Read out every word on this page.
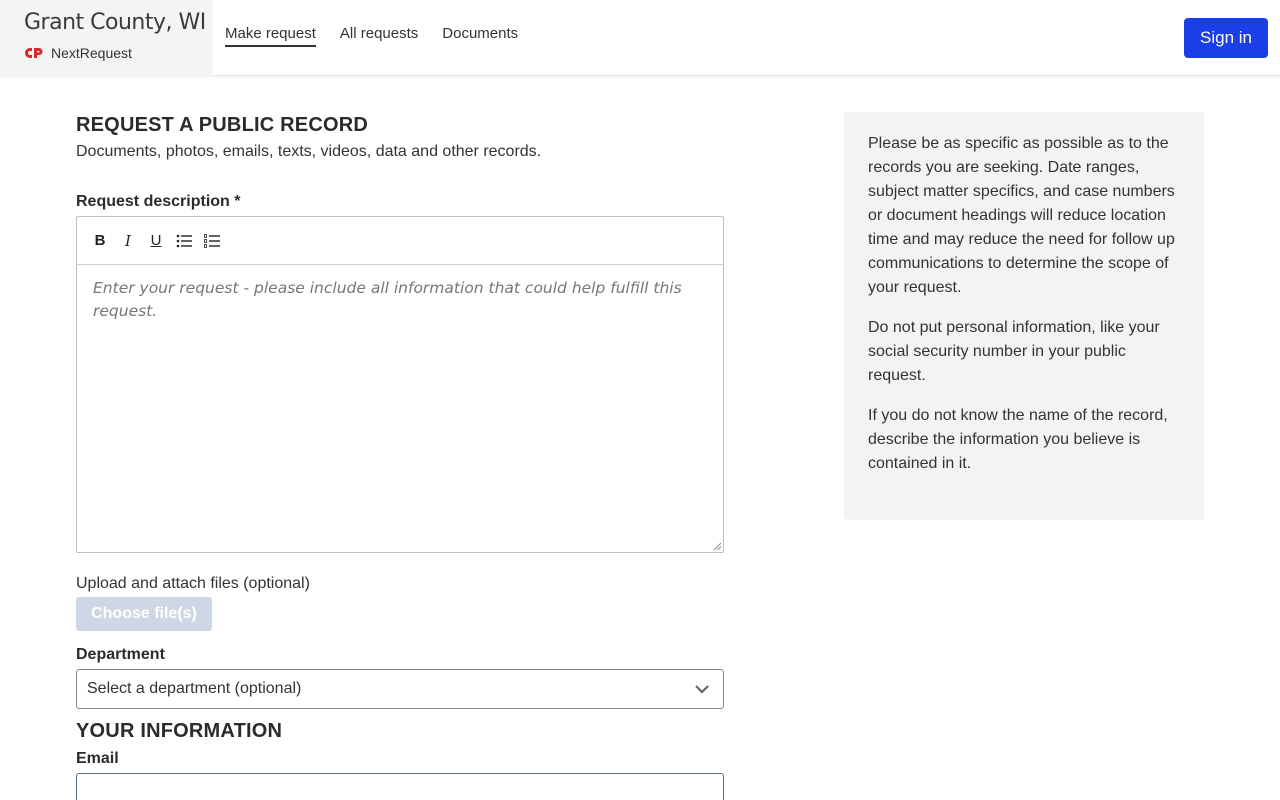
Grant County, WI
NextRequest
Make request All requests Documents	Sign in
REQUEST A PUBLIC RECORD
Documents, photos, emails, texts, videos, data and other records.
Request description *
B	I	U
Enter your request - please include all information that could help fulfill this request.
Upload and attach files (optional)
Choose file(s)
Department
Select a department (optional)
YOUR INFORMATION
Email

Please be as specific as possible as to the records you are seeking. Date ranges, subject matter specifics, and case numbers or document headings will reduce location time and may reduce the need for follow up communications to determine the scope of your request.

Do not put personal information, like your social security number in your public request.

If you do not know the name of the record, describe the information you believe is contained in it.
